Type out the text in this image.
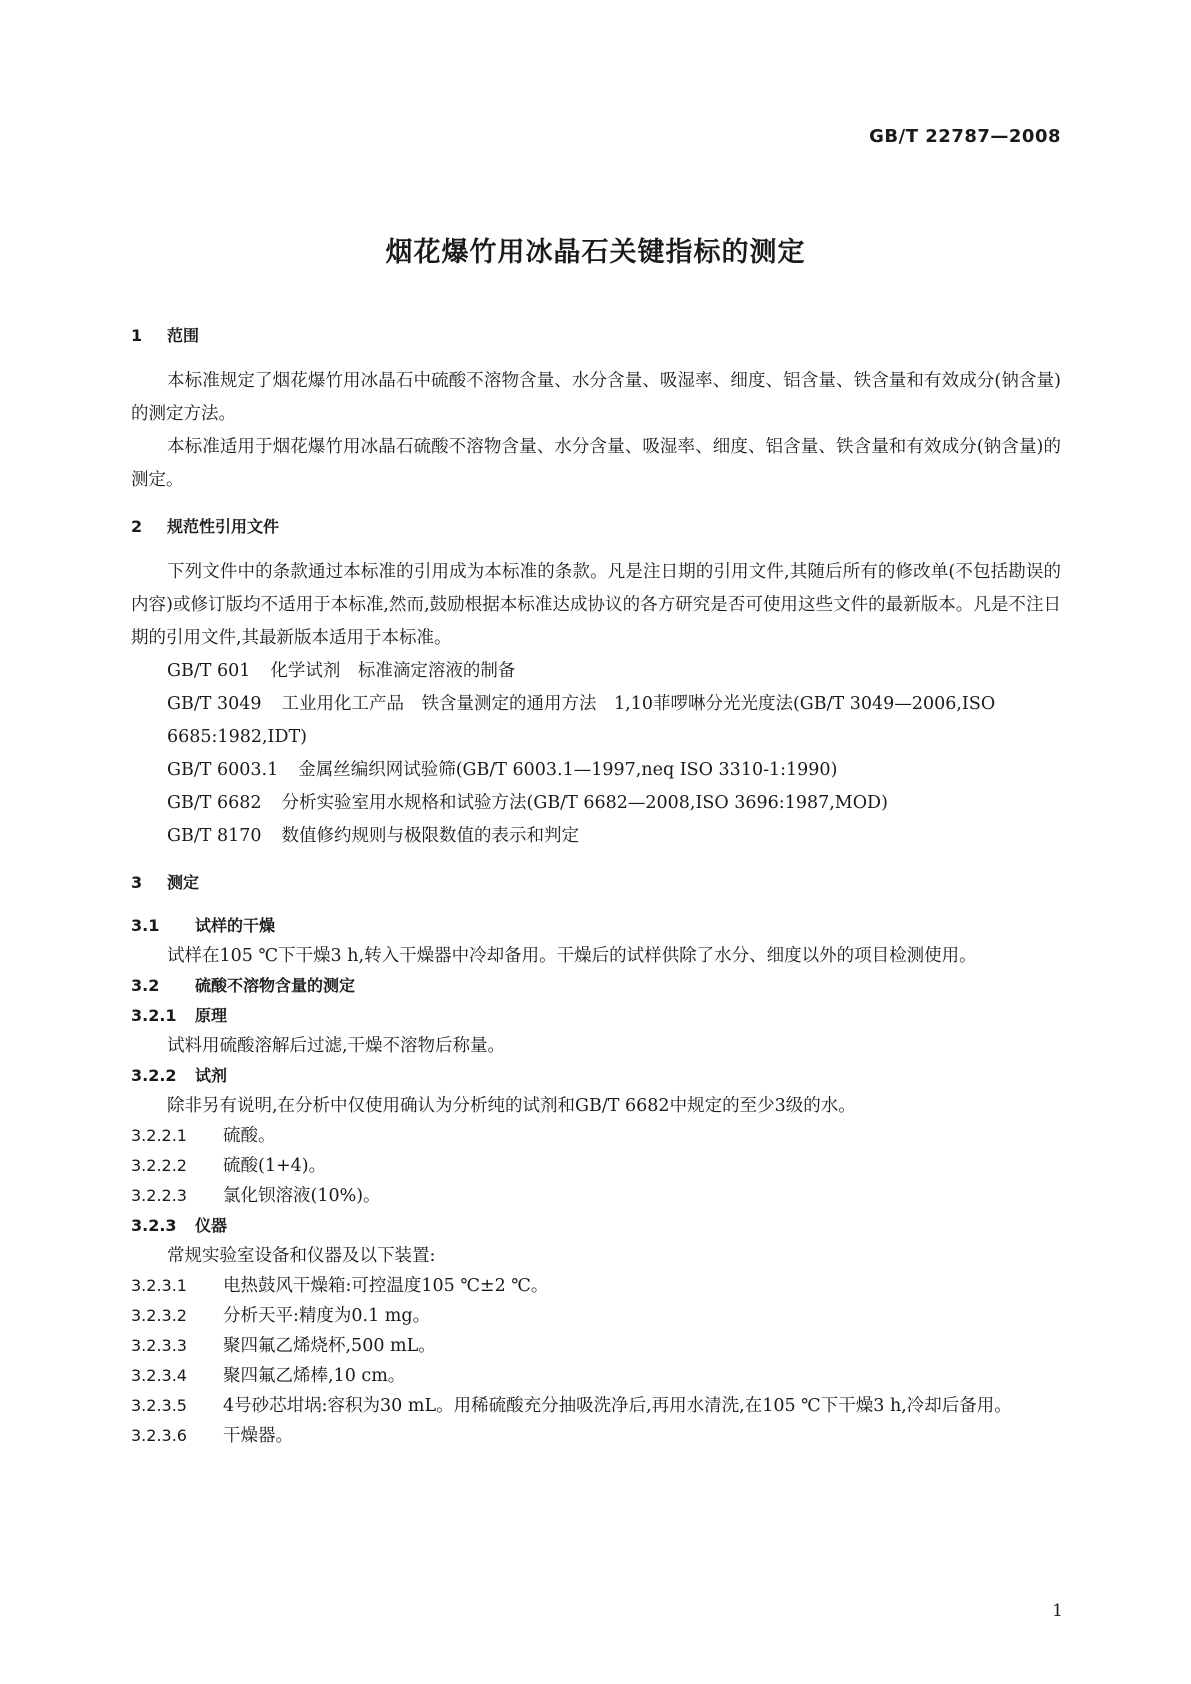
GB/T 22787—2008
烟花爆竹用冰晶石关键指标的测定
1 范围

本标准规定了烟花爆竹用冰晶石中硫酸不溶物含量、水分含量、吸湿率、细度、铝含量、铁含量和有效成分(钠含量)的测定方法。

本标准适用于烟花爆竹用冰晶石硫酸不溶物含量、水分含量、吸湿率、细度、铝含量、铁含量和有效成分(钠含量)的测定。

2 规范性引用文件

下列文件中的条款通过本标准的引用成为本标准的条款。凡是注日期的引用文件,其随后所有的修改单(不包括勘误的内容)或修订版均不适用于本标准,然而,鼓励根据本标准达成协议的各方研究是否可使用这些文件的最新版本。凡是不注日期的引用文件,其最新版本适用于本标准。

GB/T 601 化学试剂　标准滴定溶液的制备
GB/T 3049 工业用化工产品　铁含量测定的通用方法　1,10菲啰啉分光光度法(GB/T 3049—2006,ISO 6685:1982,IDT)
GB/T 6003.1 金属丝编织网试验筛(GB/T 6003.1—1997,neq ISO 3310-1:1990)
GB/T 6682 分析实验室用水规格和试验方法(GB/T 6682—2008,ISO 3696:1987,MOD)
GB/T 8170 数值修约规则与极限数值的表示和判定
3 测定
3.1 试样的干燥

试样在105 ℃下干燥3 h,转入干燥器中冷却备用。干燥后的试样供除了水分、细度以外的项目检测使用。

3.2 硫酸不溶物含量的测定
3.2.1 原理
试料用硫酸溶解后过滤,干燥不溶物后称量。
3.2.2 试剂
除非另有说明,在分析中仅使用确认为分析纯的试剂和GB/T 6682中规定的至少3级的水。
3.2.2.1 硫酸。
3.2.2.2 硫酸(1+4)。
3.2.2.3 氯化钡溶液(10%)。
3.2.3 仪器
常规实验室设备和仪器及以下装置:
3.2.3.1 电热鼓风干燥箱:可控温度105 ℃±2 ℃。
3.2.3.2 分析天平:精度为0.1 mg。
3.2.3.3 聚四氟乙烯烧杯,500 mL。
3.2.3.4 聚四氟乙烯棒,10 cm。
3.2.3.5 4号砂芯坩埚:容积为30 mL。用稀硫酸充分抽吸洗净后,再用水清洗,在105 ℃下干燥3 h,冷却后备用。
3.2.3.6 干燥器。
1
